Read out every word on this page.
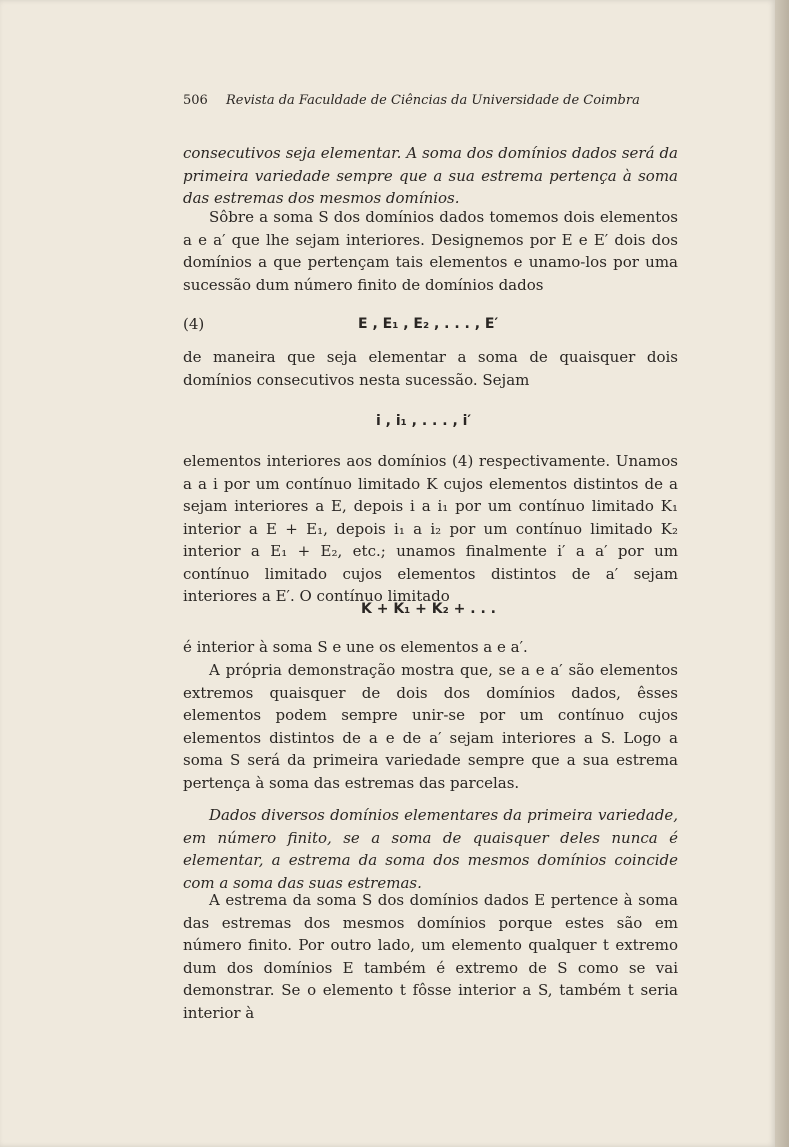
506 Revista da Faculdade de Ciências da Universidade de Coimbra
consecutivos seja elementar. A soma dos domínios dados será da primeira variedade sempre que a sua estrema pertença à soma das estremas dos mesmos domínios.
Sôbre a soma S dos domínios dados tomemos dois elementos a e a′ que lhe sejam interiores. Designemos por E e E′ dois dos domínios a que pertençam tais elementos e unamo-los por uma sucessão dum número finito de domínios dados
(4)	E , E₁ , E₂ , . . . , E′
de maneira que seja elementar a soma de quaisquer dois domínios consecutivos nesta sucessão. Sejam
i , i₁ , . . . , i′
elementos interiores aos domínios (4) respectivamente. Unamos a a i por um contínuo limitado K cujos elementos distintos de a sejam interiores a E, depois i a i₁ por um contínuo limitado K₁ interior a E + E₁, depois i₁ a i₂ por um contínuo limitado K₂ interior a E₁ + E₂, etc.; unamos finalmente i′ a a′ por um contínuo limitado cujos elementos distintos de a′ sejam interiores a E′. O contínuo limitado
K + K₁ + K₂ + . . .
é interior à soma S e une os elementos a e a′.
A própria demonstração mostra que, se a e a′ são elementos extremos quaisquer de dois dos domínios dados, êsses elementos podem sempre unir-se por um contínuo cujos elementos distintos de a e de a′ sejam interiores a S. Logo a soma S será da primeira variedade sempre que a sua estrema pertença à soma das estremas das parcelas.
Dados diversos domínios elementares da primeira variedade, em número finito, se a soma de quaisquer deles nunca é elementar, a estrema da soma dos mesmos domínios coincide com a soma das suas estremas.
A estrema da soma S dos domínios dados E pertence à soma das estremas dos mesmos domínios porque estes são em número finito. Por outro lado, um elemento qualquer t extremo dum dos domínios E também é extremo de S como se vai demonstrar. Se o elemento t fôsse interior a S, também t seria interior à
